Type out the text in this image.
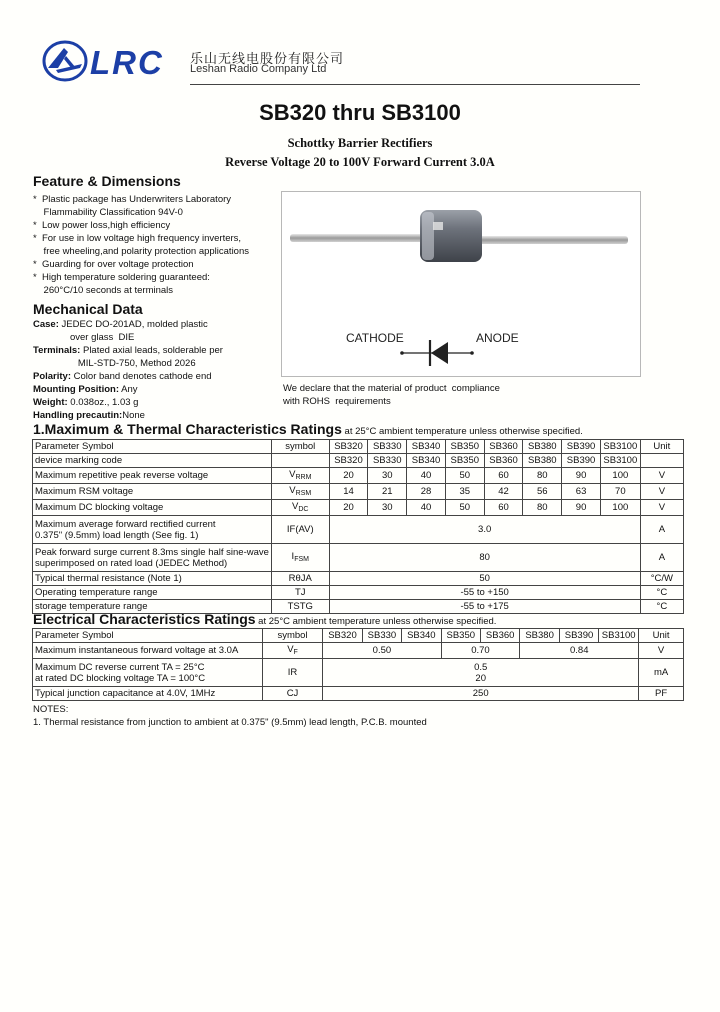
LRC 乐山无线电股份有限公司
Leshan Radio Company Ltd
SB320 thru SB3100
Schottky Barrier Rectifiers
Reverse Voltage 20 to 100V Forward Current 3.0A
Feature & Dimensions
*  Plastic package has Underwriters Laboratory
Flammability Classification 94V-0
*  Low power loss,high efficiency
*  For use in low voltage high frequency inverters,
free wheeling,and polarity protection applications
*  Guarding for over voltage protection
*  High temperature soldering guaranteed:
260°C/10 seconds at terminals
Mechanical Data
Case: JEDEC DO-201AD, molded plastic
over glass  DIE
Terminals: Plated axial leads, solderable per
MIL-STD-750, Method 2026
Polarity: Color band denotes cathode end
Mounting Position: Any
Weight: 0.038oz., 1.03 g
Handling precautin:None
CATHODE	ANODE
We declare that the material of product  compliance
with ROHS  requirements
1.Maximum & Thermal Characteristics Ratings at 25°C ambient temperature unless otherwise specified.
Parameter Symbol	symbol	SB320	SB330	SB340	SB350	SB360	SB380	SB390	SB3100	Unit
device marking code		SB320	SB330	SB340	SB350	SB360	SB380	SB390	SB3100	
Maximum repetitive peak reverse voltage	$V_{RRM}$	20	30	40	50	60	80	90	100	V
Maximum RSM voltage	$V_{RSM}$	14	21	28	35	42	56	63	70	V
Maximum DC blocking voltage	$V_{DC}$	20	30	40	50	60	80	90	100	V

Maximum average forward rectified current
0.375" (9.5mm) load length (See fig. 1)	IF(AV)	3.0								A

Peak forward surge current 8.3ms single half sine-wave
superimposed on rated load (JEDEC Method)	$I_{FSM}$	80								A
Typical thermal resistance (Note 1)	RθJA	50								°C/W
Operating temperature range	TJ	-55 to +150								°C
storage temperature range	TSTG	-55 to +175								°C
Electrical Characteristics Ratings at 25°C ambient temperature unless otherwise specified.
Parameter Symbol	symbol	SB320	SB330	SB340	SB350	SB360	SB380	SB390	SB3100	Unit
Maximum instantaneous forward voltage at 3.0A	$V_F$	0.50			0.70		0.84			V

Maximum DC reverse current TA = 25°C
at rated DC blocking voltage TA = 100°C	IR	0.5
20								mA
Typical junction capacitance at 4.0V, 1MHz	CJ	250								PF
NOTES:
1. Thermal resistance from junction to ambient at 0.375" (9.5mm) lead length, P.C.B. mounted
